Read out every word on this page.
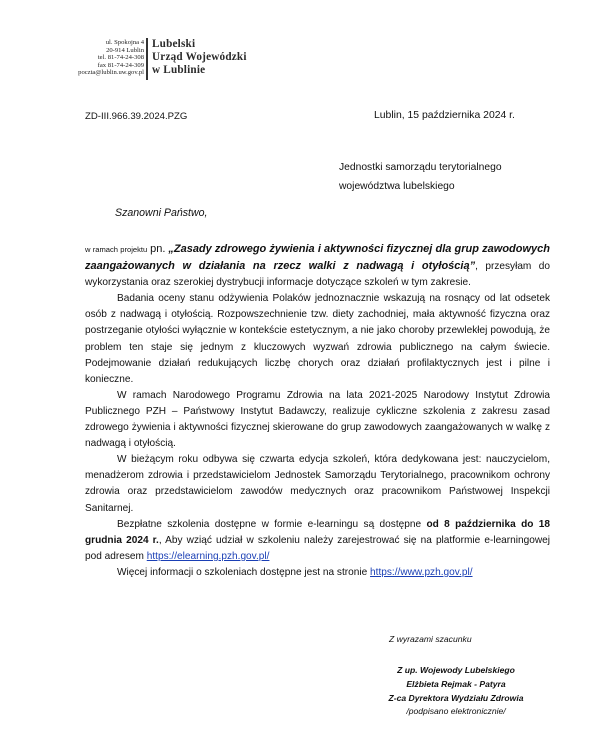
ul. Spokojna 4
20-914 Lublin
tel. 81-74-24-308
fax 81-74-24-309
poczta@lublin.uw.gov.pl
Lubelski
Urząd Wojewódzki
w Lublinie
ZD-III.966.39.2024.PZG	Lublin, 15 października 2024 r.
Jednostki samorządu terytorialnego
województwa lubelskiego
Szanowni Państwo,

w ramach projektu pn. „Zasady zdrowego żywienia i aktywności fizycznej dla grup zawodowych zaangażowanych w działania na rzecz walki z nadwagą i otyłością”, przesyłam do wykorzystania oraz szerokiej dystrybucji informacje dotyczące szkoleń w tym zakresie.

Badania oceny stanu odżywienia Polaków jednoznacznie wskazują na rosnący od lat odsetek osób z nadwagą i otyłością. Rozpowszechnienie tzw. diety zachodniej, mała aktywność fizyczna oraz postrzeganie otyłości wyłącznie w kontekście estetycznym, a nie jako choroby przewlekłej powodują, że problem ten staje się jednym z kluczowych wyzwań zdrowia publicznego na całym świecie. Podejmowanie działań redukujących liczbę chorych oraz działań profilaktycznych jest i pilne i konieczne.

W ramach Narodowego Programu Zdrowia na lata 2021-2025 Narodowy Instytut Zdrowia Publicznego PZH – Państwowy Instytut Badawczy, realizuje cykliczne szkolenia z zakresu zasad zdrowego żywienia i aktywności fizycznej skierowane do grup zawodowych zaangażowanych w walkę z nadwagą i otyłością.

W bieżącym roku odbywa się czwarta edycja szkoleń, która dedykowana jest: nauczycielom, menadżerom zdrowia i przedstawicielom Jednostek Samorządu Terytorialnego, pracownikom ochrony zdrowia oraz przedstawicielom zawodów medycznych oraz pracownikom Państwowej Inspekcji Sanitarnej.

Bezpłatne szkolenia dostępne w formie e-learningu są dostępne od 8 października do 18 grudnia 2024 r., Aby wziąć udział w szkoleniu należy zarejestrować się na platformie e-learningowej pod adresem https://elearning.pzh.gov.pl/

Więcej informacji o szkoleniach dostępne jest na stronie https://www.pzh.gov.pl/

Z wyrazami szacunku
Z up. Wojewody Lubelskiego
Elżbieta Rejmak - Patyra
Z-ca Dyrektora Wydziału Zdrowia
/podpisano elektronicznie/
